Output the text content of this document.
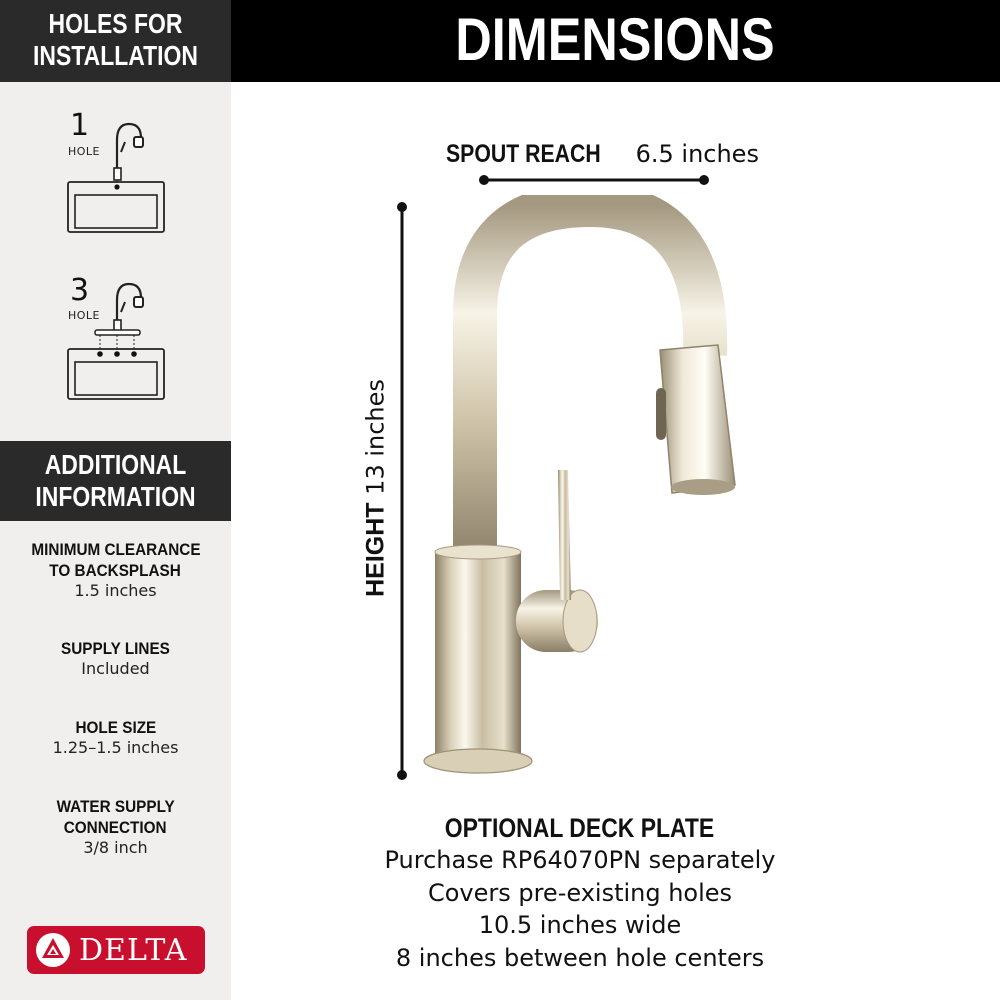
HOLES FOR
INSTALLATION
1
HOLE
3
HOLE
ADDITIONAL
INFORMATION
MINIMUM CLEARANCE
TO BACKSPLASH
1.5 inches
SUPPLY LINES
Included
HOLE SIZE
1.25–1.5 inches
WATER SUPPLY
CONNECTION
3/8 inch
DELTA
DIMENSIONS
SPOUT REACH 6.5 inches
HEIGHT 13 inches
OPTIONAL DECK PLATE
Purchase RP64070PN separately
Covers pre-existing holes
10.5 inches wide
8 inches between hole centers
